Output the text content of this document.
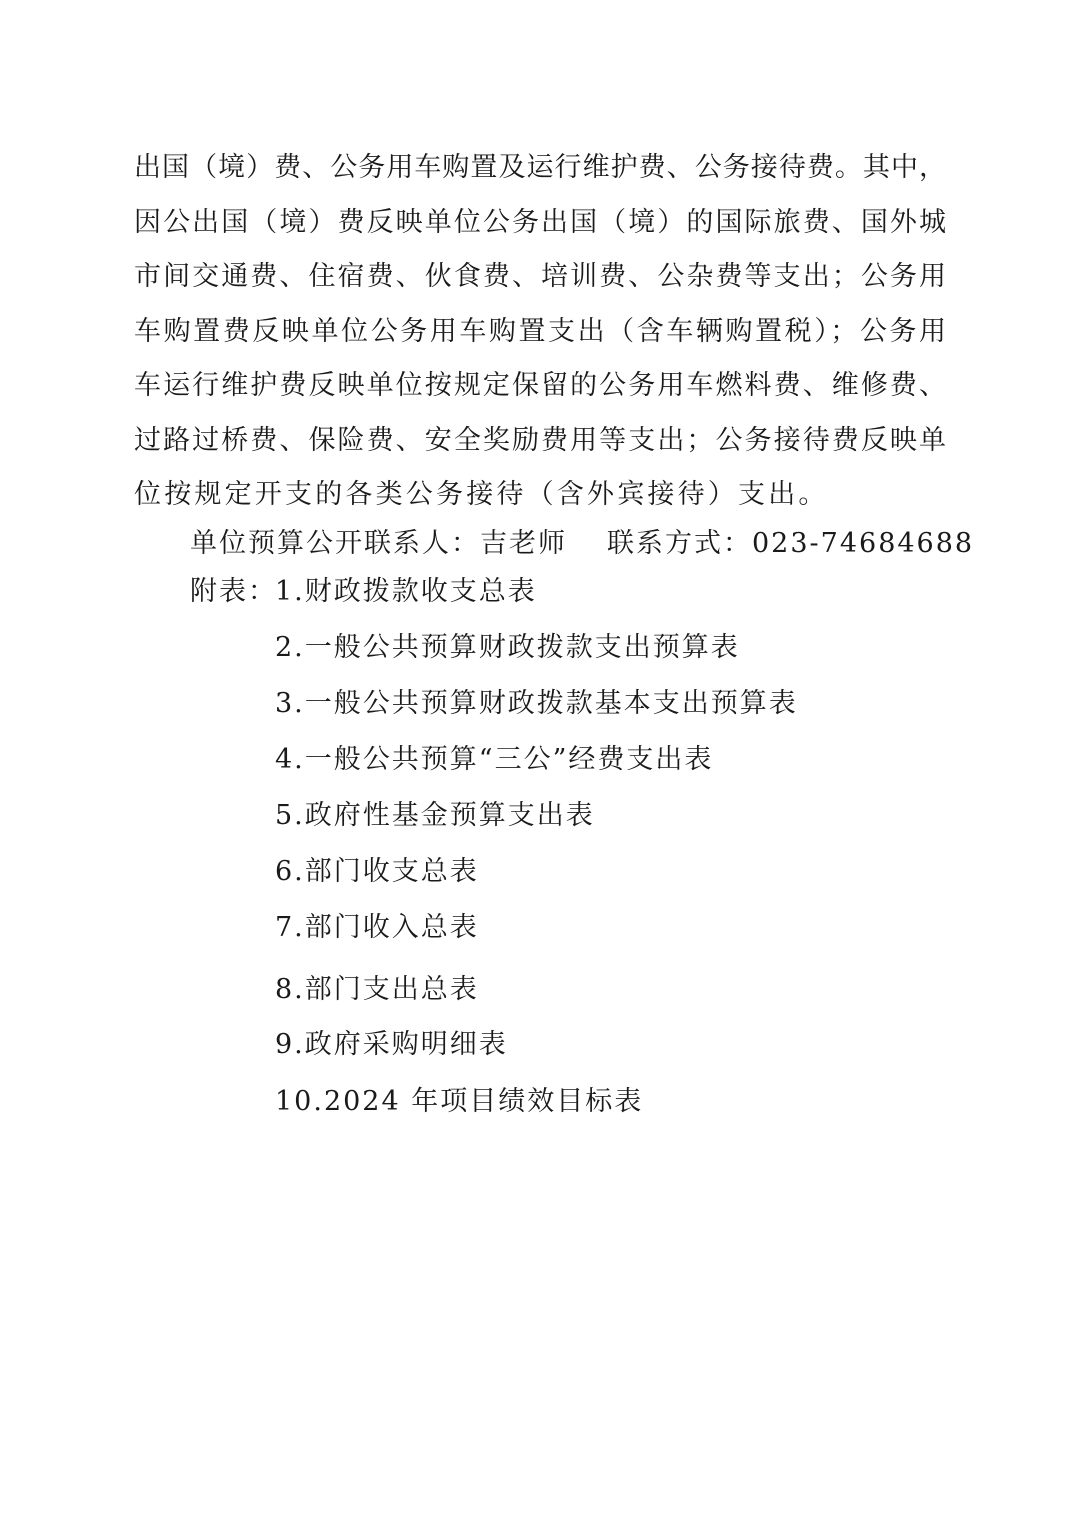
出国（境）费、公务用车购置及运行维护费、公务接待费。其中，
因公出国（境）费反映单位公务出国（境）的国际旅费、国外城
市间交通费、住宿费、伙食费、培训费、公杂费等支出；公务用
车购置费反映单位公务用车购置支出（含车辆购置税）；公务用
车运行维护费反映单位按规定保留的公务用车燃料费、维修费、
过路过桥费、保险费、安全奖励费用等支出；公务接待费反映单
位按规定开支的各类公务接待（含外宾接待）支出。
单位预算公开联系人：吉老师 联系方式：023-74684688
附表：
1.财政拨款收支总表
2.一般公共预算财政拨款支出预算表
3.一般公共预算财政拨款基本支出预算表
4.一般公共预算“三公”经费支出表
5.政府性基金预算支出表
6.部门收支总表
7.部门收入总表
8.部门支出总表
9.政府采购明细表
10.2024 年项目绩效目标表
